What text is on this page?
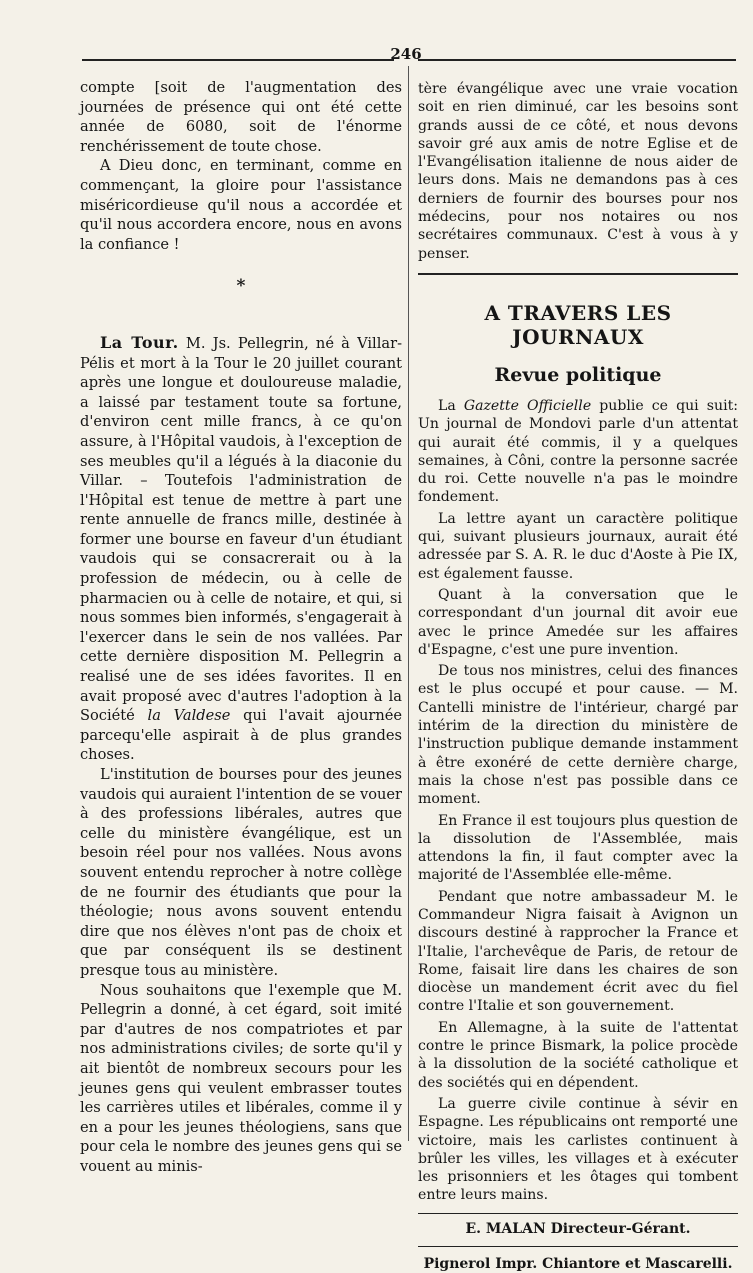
246

compte [soit de l'augmentation des journées de présence qui ont été cette année de 6080, soit de l'énorme renchérissement de toute chose.

A Dieu donc, en terminant, comme en commençant, la gloire pour l'assistance miséricordieuse qu'il nous a accordée et qu'il nous accordera encore, nous en avons la confiance !

*

La Tour. M. Js. Pellegrin, né à Villar-Pélis et mort à la Tour le 20 juillet courant après une longue et douloureuse maladie, a laissé par testament toute sa fortune, d'environ cent mille francs, à ce qu'on assure, à l'Hôpital vaudois, à l'exception de ses meubles qu'il a légués à la diaconie du Villar. – Toutefois l'administration de l'Hôpital est tenue de mettre à part une rente annuelle de francs mille, destinée à former une bourse en faveur d'un étudiant vaudois qui se consacrerait ou à la profession de médecin, ou à celle de pharmacien ou à celle de notaire, et qui, si nous sommes bien informés, s'engagerait à l'exercer dans le sein de nos vallées. Par cette dernière disposition M. Pellegrin a realisé une de ses idées favorites. Il en avait proposé avec d'autres l'adoption à la Société la Valdese qui l'avait ajournée parcequ'elle aspirait à de plus grandes choses.

L'institution de bourses pour des jeunes vaudois qui auraient l'intention de se vouer à des professions libérales, autres que celle du ministère évangélique, est un besoin réel pour nos vallées. Nous avons souvent entendu reprocher à notre collège de ne fournir des étudiants que pour la théologie; nous avons souvent entendu dire que nos élèves n'ont pas de choix et que par conséquent ils se destinent presque tous au ministère.

Nous souhaitons que l'exemple que M. Pellegrin a donné, à cet égard, soit imité par d'autres de nos compatriotes et par nos administrations civiles; de sorte qu'il y ait bientôt de nombreux secours pour les jeunes gens qui veulent embrasser toutes les carrières utiles et libérales, comme il y en a pour les jeunes théologiens, sans que pour cela le nombre des jeunes gens qui se vouent au minis-

tère évangélique avec une vraie vocation soit en rien diminué, car les besoins sont grands aussi de ce côté, et nous devons savoir gré aux amis de notre Eglise et de l'Evangélisation italienne de nous aider de leurs dons. Mais ne demandons pas à ces derniers de fournir des bourses pour nos médecins, pour nos notaires ou nos secrétaires communaux. C'est à vous à y penser.

A TRAVERS LES JOURNAUX
Revue politique

La Gazette Officielle publie ce qui suit: Un journal de Mondovi parle d'un attentat qui aurait été commis, il y a quelques semaines, à Côni, contre la personne sacrée du roi. Cette nouvelle n'a pas le moindre fondement.

La lettre ayant un caractère politique qui, suivant plusieurs journaux, aurait été adressée par S. A. R. le duc d'Aoste à Pie IX, est également fausse.

Quant à la conversation que le correspondant d'un journal dit avoir eue avec le prince Amedée sur les affaires d'Espagne, c'est une pure invention.

De tous nos ministres, celui des finances est le plus occupé et pour cause. — M. Cantelli ministre de l'intérieur, chargé par intérim de la direction du ministère de l'instruction publique demande instamment à être exonéré de cette dernière charge, mais la chose n'est pas possible dans ce moment.

En France il est toujours plus question de la dissolution de l'Assemblée, mais attendons la fin, il faut compter avec la majorité de l'Assemblée elle-même.

Pendant que notre ambassadeur M. le Commandeur Nigra faisait à Avignon un discours destiné à rapprocher la France et l'Italie, l'archevêque de Paris, de retour de Rome, faisait lire dans les chaires de son diocèse un mandement écrit avec du fiel contre l'Italie et son gouvernement.

En Allemagne, à la suite de l'attentat contre le prince Bismark, la police procède à la dissolution de la société catholique et des sociétés qui en dépendent.

La guerre civile continue à sévir en Espagne. Les républicains ont remporté une victoire, mais les carlistes continuent à brûler les villes, les villages et à exécuter les prisonniers et les ôtages qui tombent entre leurs mains.

E. MALAN Directeur-Gérant.
Pignerol Impr. Chiantore et Mascarelli.
